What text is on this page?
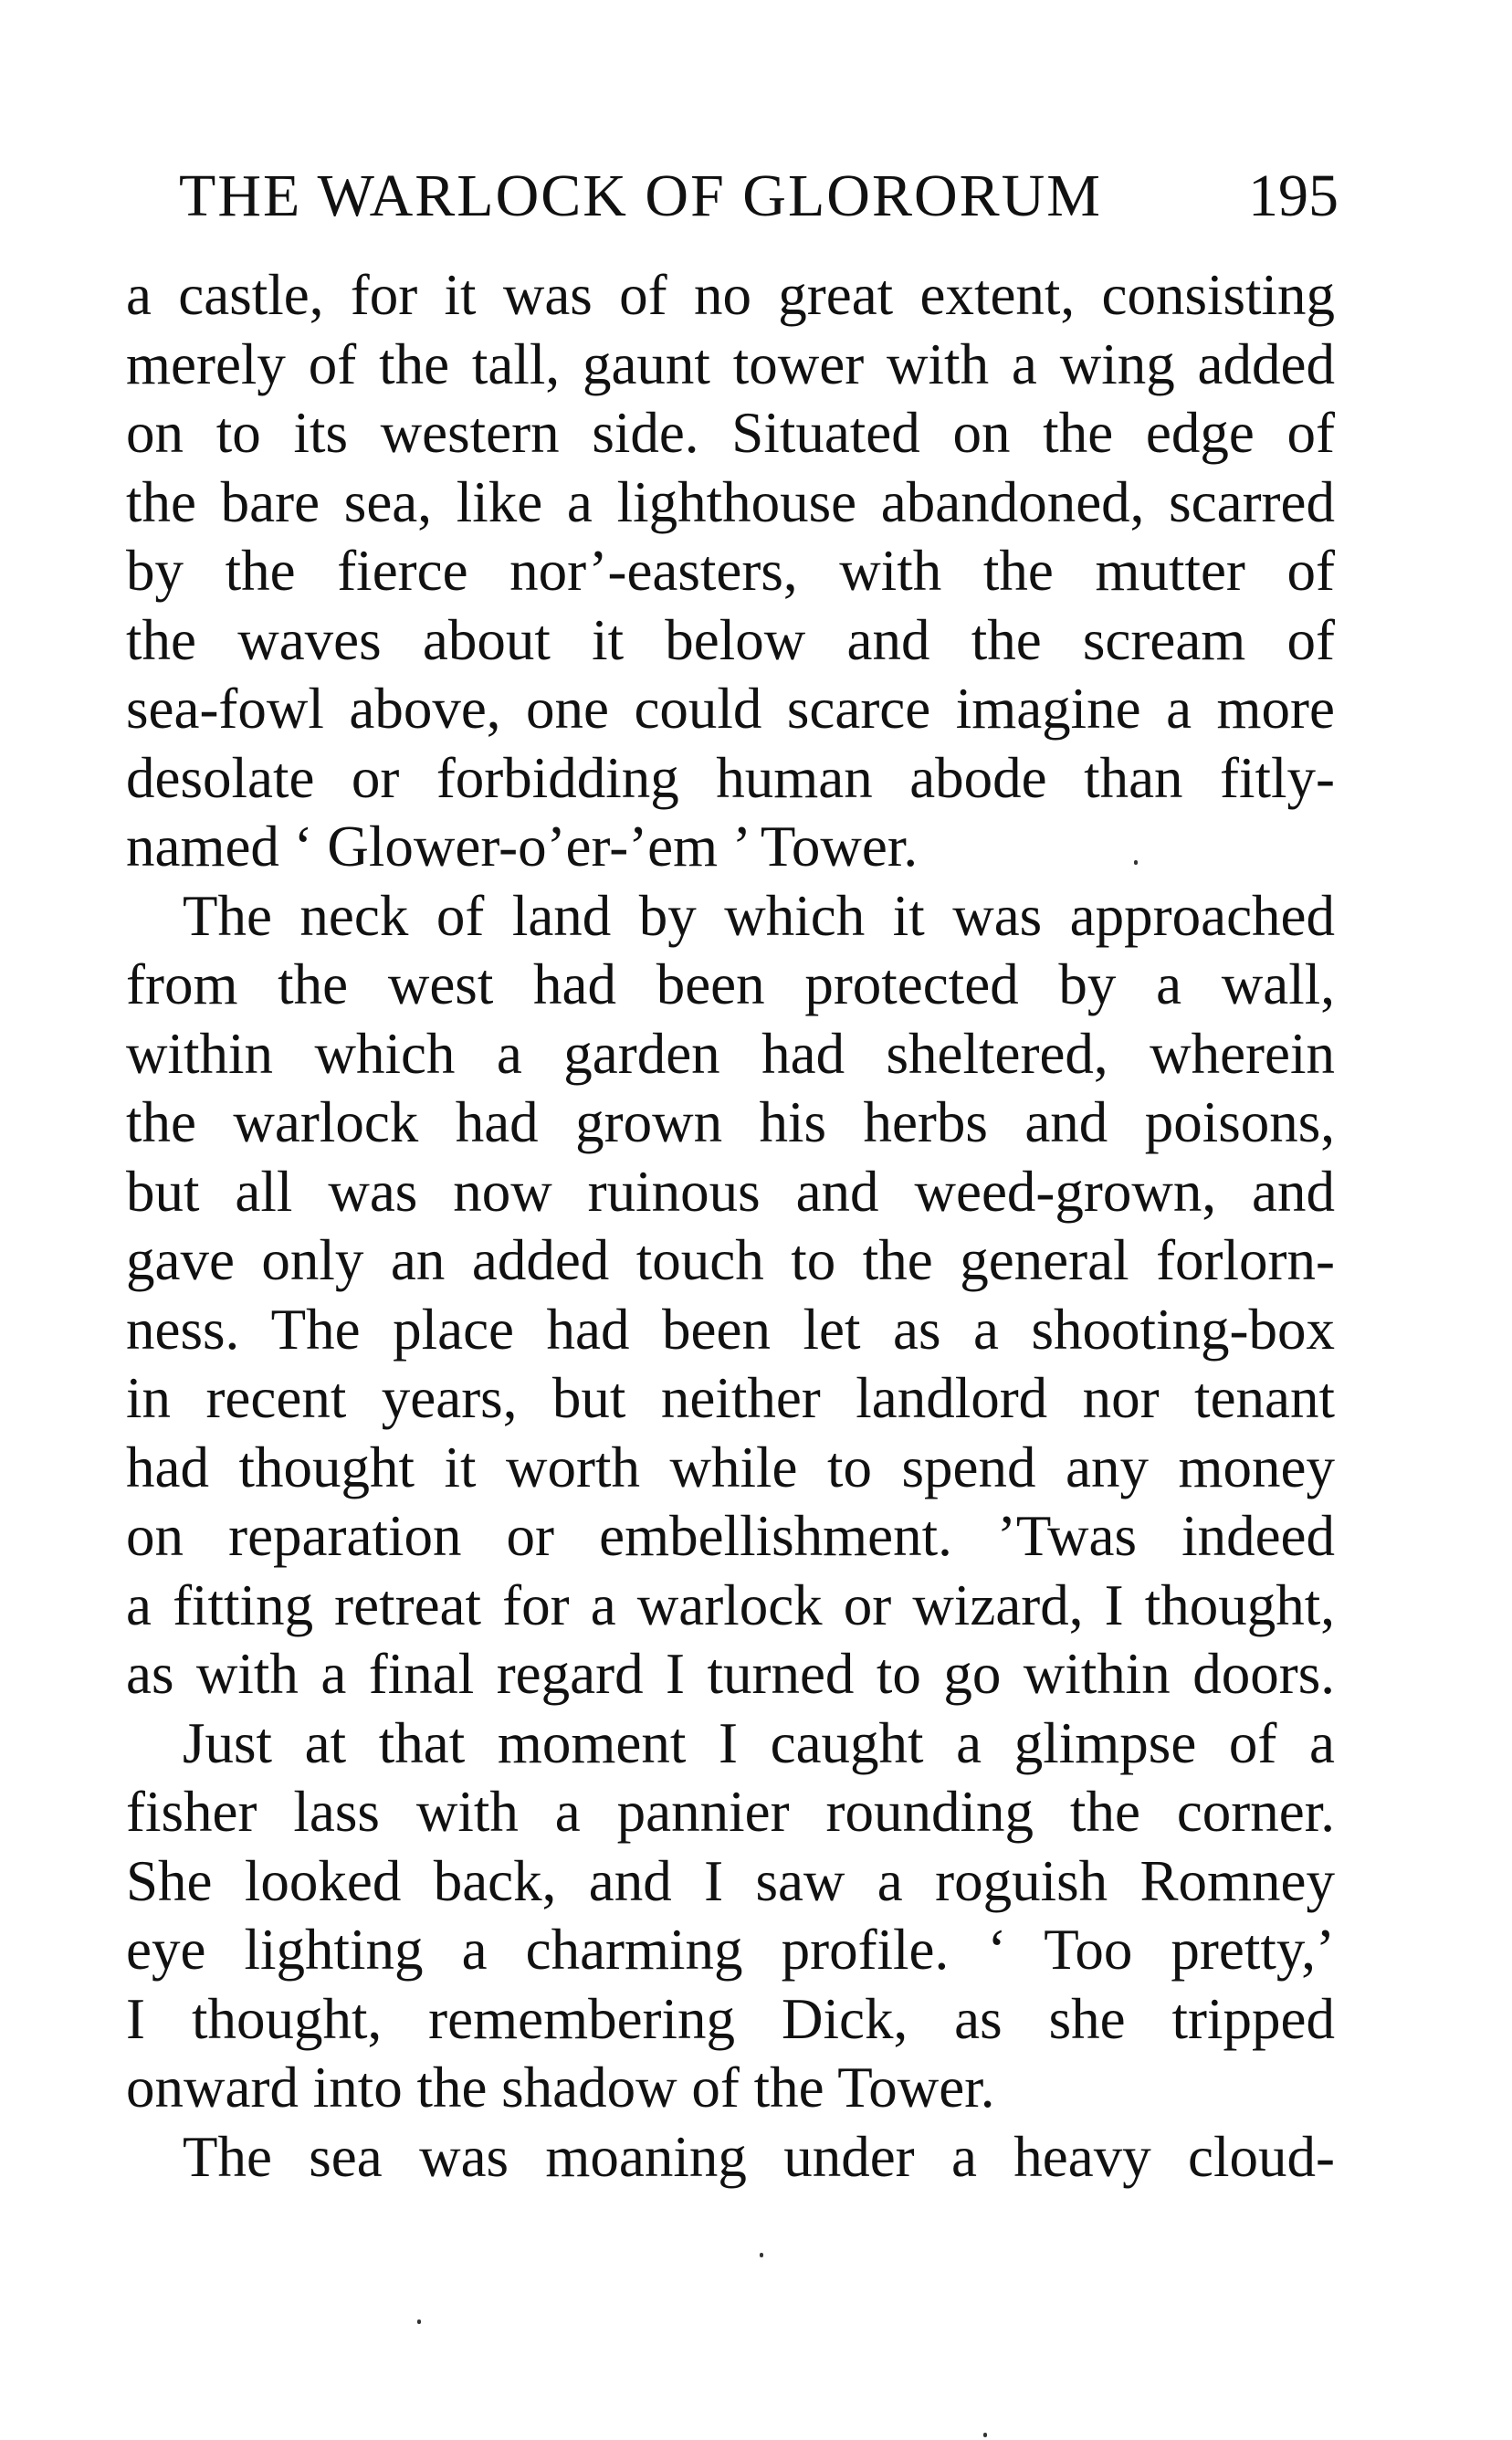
THE WARLOCK OF GLORORUM 195
a castle, for it was of no great extent, consisting
merely of the tall, gaunt tower with a wing added
on to its western side. Situated on the edge of
the bare sea, like a lighthouse abandoned, scarred
by the fierce nor’-easters, with the mutter of
the waves about it below and the scream of
sea-fowl above, one could scarce imagine a more
desolate or forbidding human abode than fitly-
named ‘ Glower-o’er-’em ’ Tower.
The neck of land by which it was approached
from the west had been protected by a wall,
within which a garden had sheltered, wherein
the warlock had grown his herbs and poisons,
but all was now ruinous and weed-grown, and
gave only an added touch to the general forlorn-
ness. The place had been let as a shooting-box
in recent years, but neither landlord nor tenant
had thought it worth while to spend any money
on reparation or embellishment. ’Twas indeed
a fitting retreat for a warlock or wizard, I thought,
as with a final regard I turned to go within doors.
Just at that moment I caught a glimpse of a
fisher lass with a pannier rounding the corner.
She looked back, and I saw a roguish Romney
eye lighting a charming profile. ‘ Too pretty,’
I thought, remembering Dick, as she tripped
onward into the shadow of the Tower.
The sea was moaning under a heavy cloud-
